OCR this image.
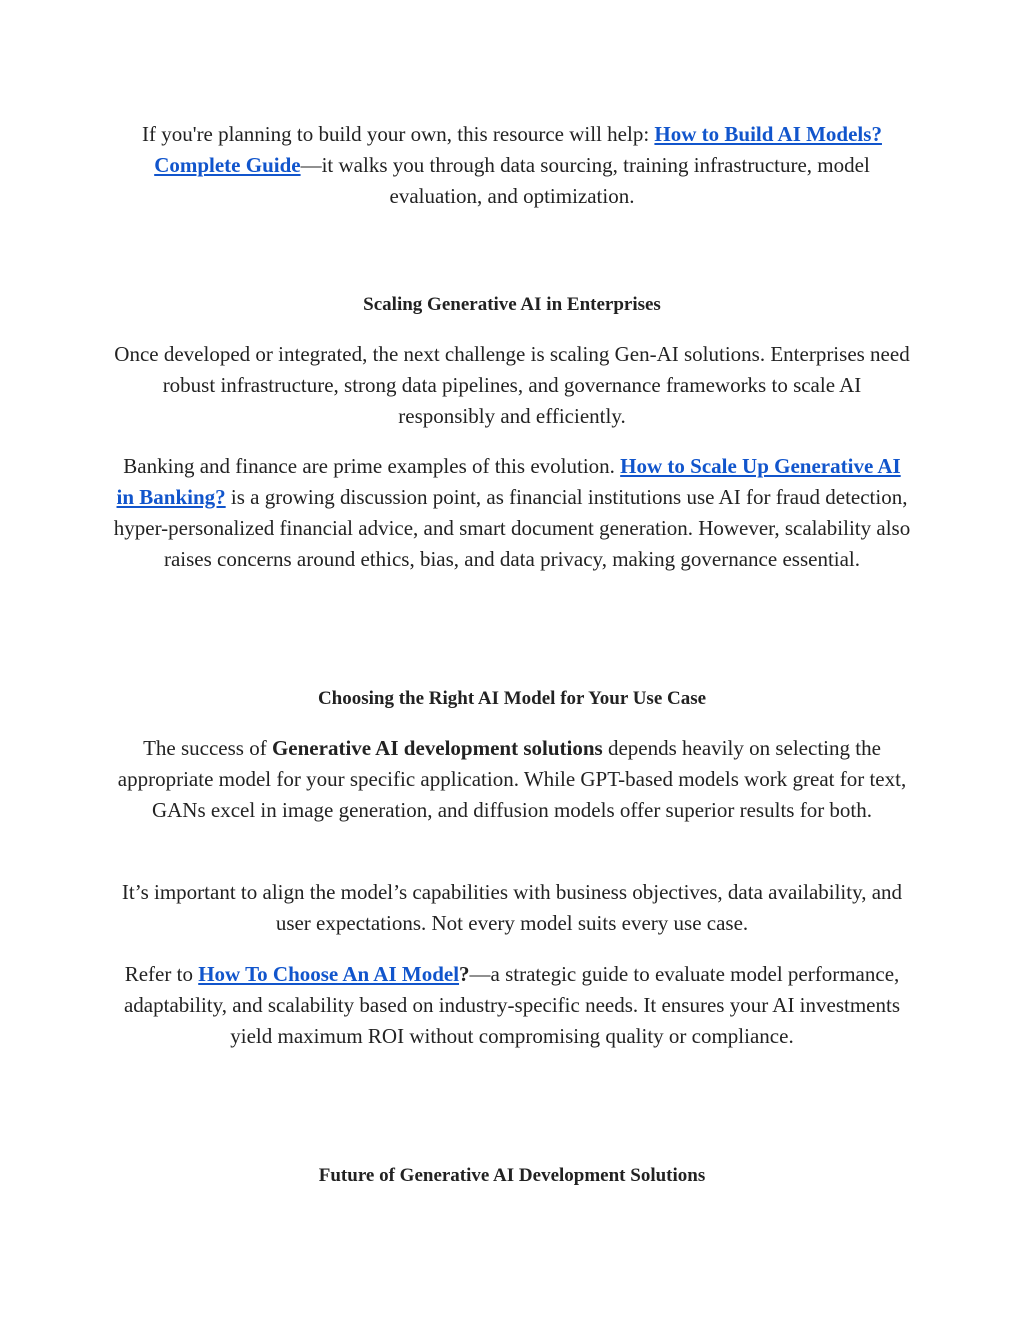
If you're planning to build your own, this resource will help: How to Build AI Models? Complete Guide—it walks you through data sourcing, training infrastructure, model evaluation, and optimization.

Scaling Generative AI in Enterprises

Once developed or integrated, the next challenge is scaling Gen-AI solutions. Enterprises need robust infrastructure, strong data pipelines, and governance frameworks to scale AI responsibly and efficiently.

Banking and finance are prime examples of this evolution. How to Scale Up Generative AI in Banking? is a growing discussion point, as financial institutions use AI for fraud detection, hyper-personalized financial advice, and smart document generation. However, scalability also raises concerns around ethics, bias, and data privacy, making governance essential.

Choosing the Right AI Model for Your Use Case

The success of Generative AI development solutions depends heavily on selecting the appropriate model for your specific application. While GPT-based models work great for text, GANs excel in image generation, and diffusion models offer superior results for both.

It’s important to align the model’s capabilities with business objectives, data availability, and user expectations. Not every model suits every use case.

Refer to How To Choose An AI Model?—a strategic guide to evaluate model performance, adaptability, and scalability based on industry-specific needs. It ensures your AI investments yield maximum ROI without compromising quality or compliance.

Future of Generative AI Development Solutions
